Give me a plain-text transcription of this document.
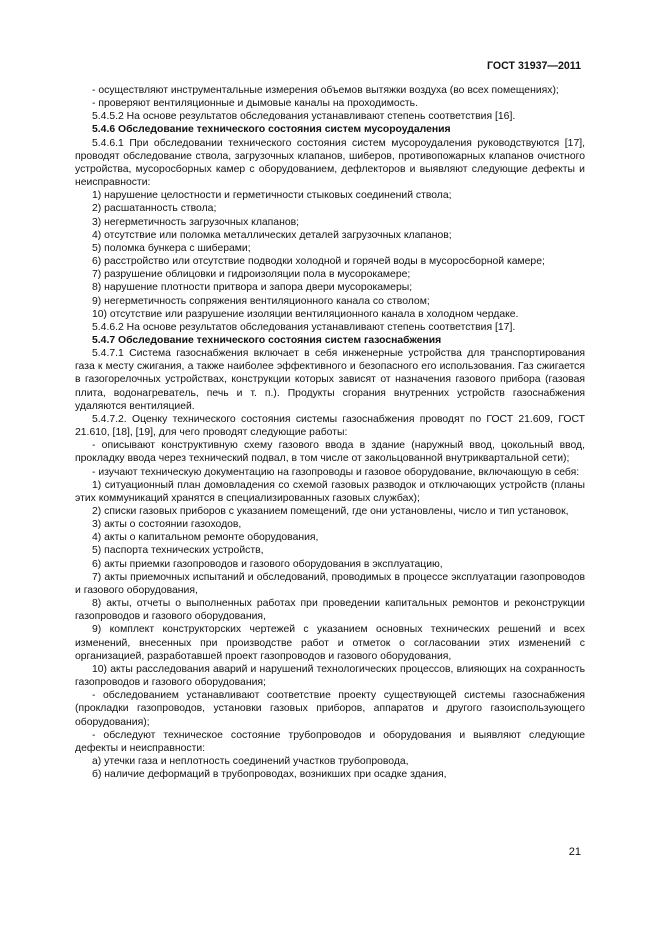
ГОСТ 31937—2011

- осуществляют инструментальные измерения объемов вытяжки воздуха (во всех помещениях);

- проверяют вентиляционные и дымовые каналы на проходимость.

5.4.5.2 На основе результатов обследования устанавливают степень соответствия [16].

5.4.6 Обследование технического состояния систем мусороудаления

5.4.6.1 При обследовании технического состояния систем мусороудаления руководствуются [17], проводят обследование ствола, загрузочных клапанов, шиберов, противопожарных клапанов очистного устройства, мусоросборных камер с оборудованием, дефлекторов и выявляют следующие дефекты и неисправности:

1) нарушение целостности и герметичности стыковых соединений ствола;

2) расшатанность ствола;

3) негерметичность загрузочных клапанов;

4) отсутствие или поломка металлических деталей загрузочных клапанов;

5) поломка бункера с шиберами;

6) расстройство или отсутствие подводки холодной и горячей воды в мусоросборной камере;

7) разрушение облицовки и гидроизоляции пола в мусорокамере;

8) нарушение плотности притвора и запора двери мусорокамеры;

9) негерметичность сопряжения вентиляционного канала со стволом;

10) отсутствие или разрушение изоляции вентиляционного канала в холодном чердаке.

5.4.6.2 На основе результатов обследования устанавливают степень соответствия [17].

5.4.7 Обследование технического состояния систем газоснабжения

5.4.7.1 Система газоснабжения включает в себя инженерные устройства для транспортирования газа к месту сжигания, а также наиболее эффективного и безопасного его использования. Газ сжигается в газогорелочных устройствах, конструкции которых зависят от назначения газового прибора (газовая плита, водонагреватель, печь и т. п.). Продукты сгорания внутренних устройств газоснабжения удаляются вентиляцией.

5.4.7.2. Оценку технического состояния системы газоснабжения проводят по ГОСТ 21.609, ГОСТ 21.610, [18], [19], для чего проводят следующие работы:

- описывают конструктивную схему газового ввода в здание (наружный ввод, цокольный ввод, прокладку ввода через технический подвал, в том числе от закольцованной внутриквартальной сети);

- изучают техническую документацию на газопроводы и газовое оборудование, включающую в себя:

1) ситуационный план домовладения со схемой газовых разводок и отключающих устройств (планы этих коммуникаций хранятся в специализированных газовых службах);

2) списки газовых приборов с указанием помещений, где они установлены, число и тип установок,

3) акты о состоянии газоходов,

4) акты о капитальном ремонте оборудования,

5) паспорта технических устройств,

6) акты приемки газопроводов и газового оборудования в эксплуатацию,

7) акты приемочных испытаний и обследований, проводимых в процессе эксплуатации газопроводов и газового оборудования,

8) акты, отчеты о выполненных работах при проведении капитальных ремонтов и реконструкции газопроводов и газового оборудования,

9) комплект конструкторских чертежей с указанием основных технических решений и всех изменений, внесенных при производстве работ и отметок о согласовании этих изменений с организацией, разработавшей проект газопроводов и газового оборудования,

10) акты расследования аварий и нарушений технологических процессов, влияющих на сохранность газопроводов и газового оборудования;

- обследованием устанавливают соответствие проекту существующей системы газоснабжения (прокладки газопроводов, установки газовых приборов, аппаратов и другого газоиспользующего оборудования);

- обследуют техническое состояние трубопроводов и оборудования и выявляют следующие дефекты и неисправности:

а) утечки газа и неплотность соединений участков трубопровода,

б) наличие деформаций в трубопроводах, возникших при осадке здания,

21
